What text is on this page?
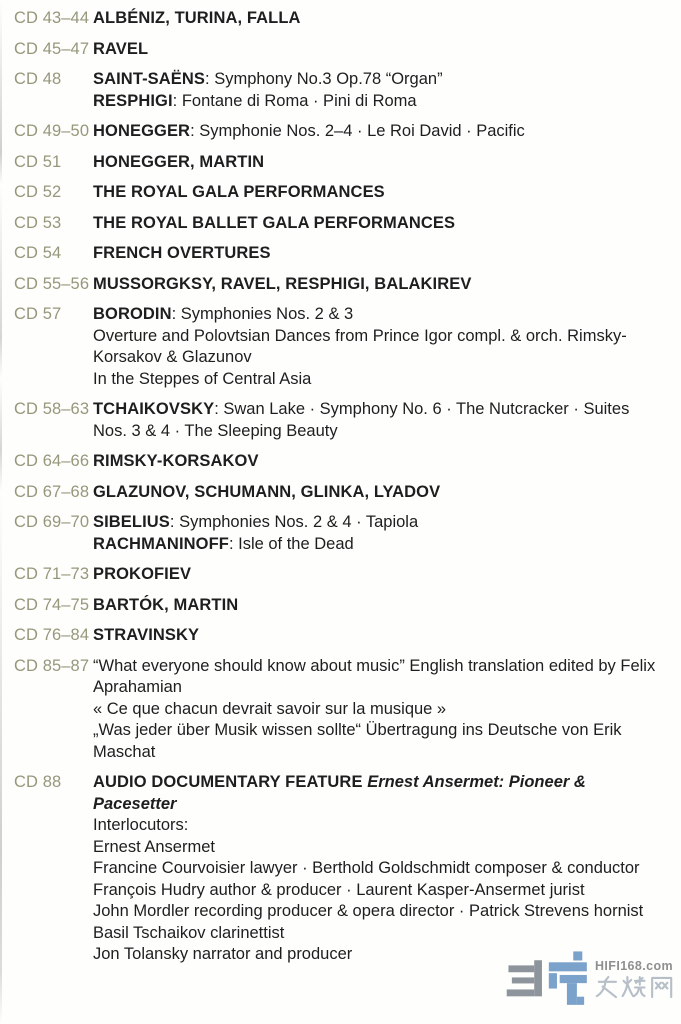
CD 43–44 ALBÉNIZ, TURINA, FALLA
CD 45–47 RAVEL
CD 48	SAINT-SAËNS: Symphony No.3 Op.78 “Organ”
RESPHIGI: Fontane di Roma · Pini di Roma
CD 49–50 HONEGGER: Symphonie Nos. 2–4 · Le Roi David · Pacific
CD 51	HONEGGER, MARTIN
CD 52	THE ROYAL GALA PERFORMANCES
CD 53	THE ROYAL BALLET GALA PERFORMANCES
CD 54	FRENCH OVERTURES
CD 55–56 MUSSORGKSY, RAVEL, RESPHIGI, BALAKIREV
CD 57	BORODIN: Symphonies Nos. 2 & 3
Overture and Polovtsian Dances from Prince Igor compl. & orch. Rimsky-Korsakov & Glazunov
In the Steppes of Central Asia
CD 58–63 TCHAIKOVSKY: Swan Lake · Symphony No. 6 · The Nutcracker · Suites Nos. 3 & 4 · The Sleeping Beauty
CD 64–66 RIMSKY-KORSAKOV
CD 67–68 GLAZUNOV, SCHUMANN, GLINKA, LYADOV
CD 69–70 SIBELIUS: Symphonies Nos. 2 & 4 · Tapiola
RACHMANINOFF: Isle of the Dead
CD 71–73 PROKOFIEV
CD 74–75 BARTÓK, MARTIN
CD 76–84 STRAVINSKY
CD 85–87 “What everyone should know about music” English translation edited by Felix Aprahamian
« Ce que chacun devrait savoir sur la musique »
„Was jeder über Musik wissen sollte“ Übertragung ins Deutsche von Erik Maschat
CD 88	AUDIO DOCUMENTARY FEATURE Ernest Ansermet: Pioneer & Pacesetter
Interlocutors:
Ernest Ansermet
Francine Courvoisier lawyer · Berthold Goldschmidt composer & conductor
François Hudry author & producer · Laurent Kasper-Ansermet jurist
John Mordler recording producer & opera director · Patrick Strevens hornist
Basil Tschaikov clarinettist
Jon Tolansky narrator and producer
HIFI168.com
